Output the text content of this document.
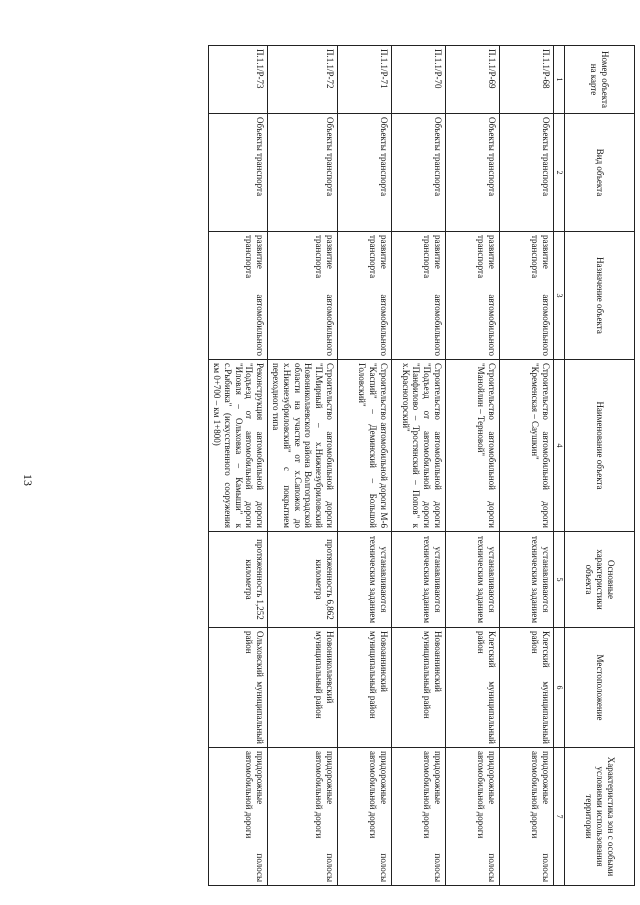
13
Номер объекта на карте	Вид объекта	Назначение объекта	Наименование объекта	Основные характеристики объекта	Местоположение	Характеристика зон с особыми условиями использования территории
1	2	3	4	5	6	7
П.1.1/Р-68	Объекты транспорта	развитие автомобильного транспорта	Строительство автомобильной дороги "Кременская – Саушкин"	устанавливаются техническим заданием	Клетский муниципальный район	придорожные полосы автомобильной дороги
П.1.1/Р-69	Объекты транспорта	развитие автомобильного транспорта	Строительство автомобильной дороги "Манойлин – Терновой"	устанавливаются техническим заданием	Клетский муниципальный район	придорожные полосы автомобильной дороги
П.1.1/Р-70	Объекты транспорта	развитие автомобильного транспорта	Строительство автомобильной дороги "Подъезд от автомобильной дороги "Панфилово – Тростянский – Попов" к х.Красногорский"	устанавливаются техническим заданием	Новоаннинский муниципальный район	придорожные полосы автомобильной дороги
П.1.1/Р-71	Объекты транспорта	развитие автомобильного транспорта	Строительство автомобильной дороги М-6 "Каспий" – Деминский – Большой Головский"	устанавливаются техническим заданием	Новоаннинский муниципальный район	придорожные полосы автомобильной дороги
П.1.1/Р-72	Объекты транспорта	развитие автомобильного транспорта	Строительство автомобильной дороги "П.Мирный – х.Нижнезубриловский Новониколаевского района Волгоградской области на участке от х.Сапожок до х.Нижнезубриловский" с покрытием переходного типа	протяженность 6,862 километра	Новониколаевский муниципальный район	придорожные полосы автомобильной дороги
П.1.1/Р-73	Объекты транспорта	развитие автомобильного транспорта	Реконструкция автомобильной дороги "Подъезд от автомобильной дороги "Иловля – Ольховка – Камыши" к с.Рыбинка" (искусственного сооружения км 0+700 – км 1+800)	протяженность 1,252 километра	Ольховский муниципальный район	придорожные полосы автомобильной дороги
